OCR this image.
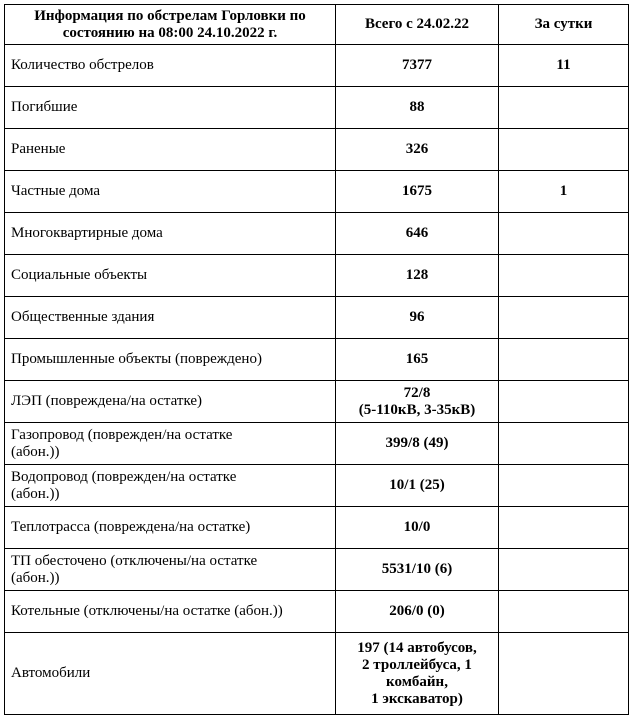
Информация по обстрелам Горловки по состоянию на 08:00 24.10.2022 г.	Всего с 24.02.22	За сутки
Количество обстрелов	7377	11
Погибшие	88	
Раненые	326	
Частные дома	1675	1
Многоквартирные дома	646	
Социальные объекты	128	
Общественные здания	96	
Промышленные объекты (повреждено)	165	
ЛЭП (повреждена/на остатке)	72/8
(5-110кВ, 3-35кВ)	
Газопровод (поврежден/на остатке
(абон.))	399/8 (49)	
Водопровод (поврежден/на остатке
(абон.))	10/1 (25)	
Теплотрасса (повреждена/на остатке)	10/0	
ТП обесточено (отключены/на остатке
(абон.))	5531/10 (6)	
Котельные (отключены/на остатке (абон.))	206/0 (0)	
Автомобили	197 (14 автобусов,
2 троллейбуса, 1
комбайн,
1 экскаватор)	
